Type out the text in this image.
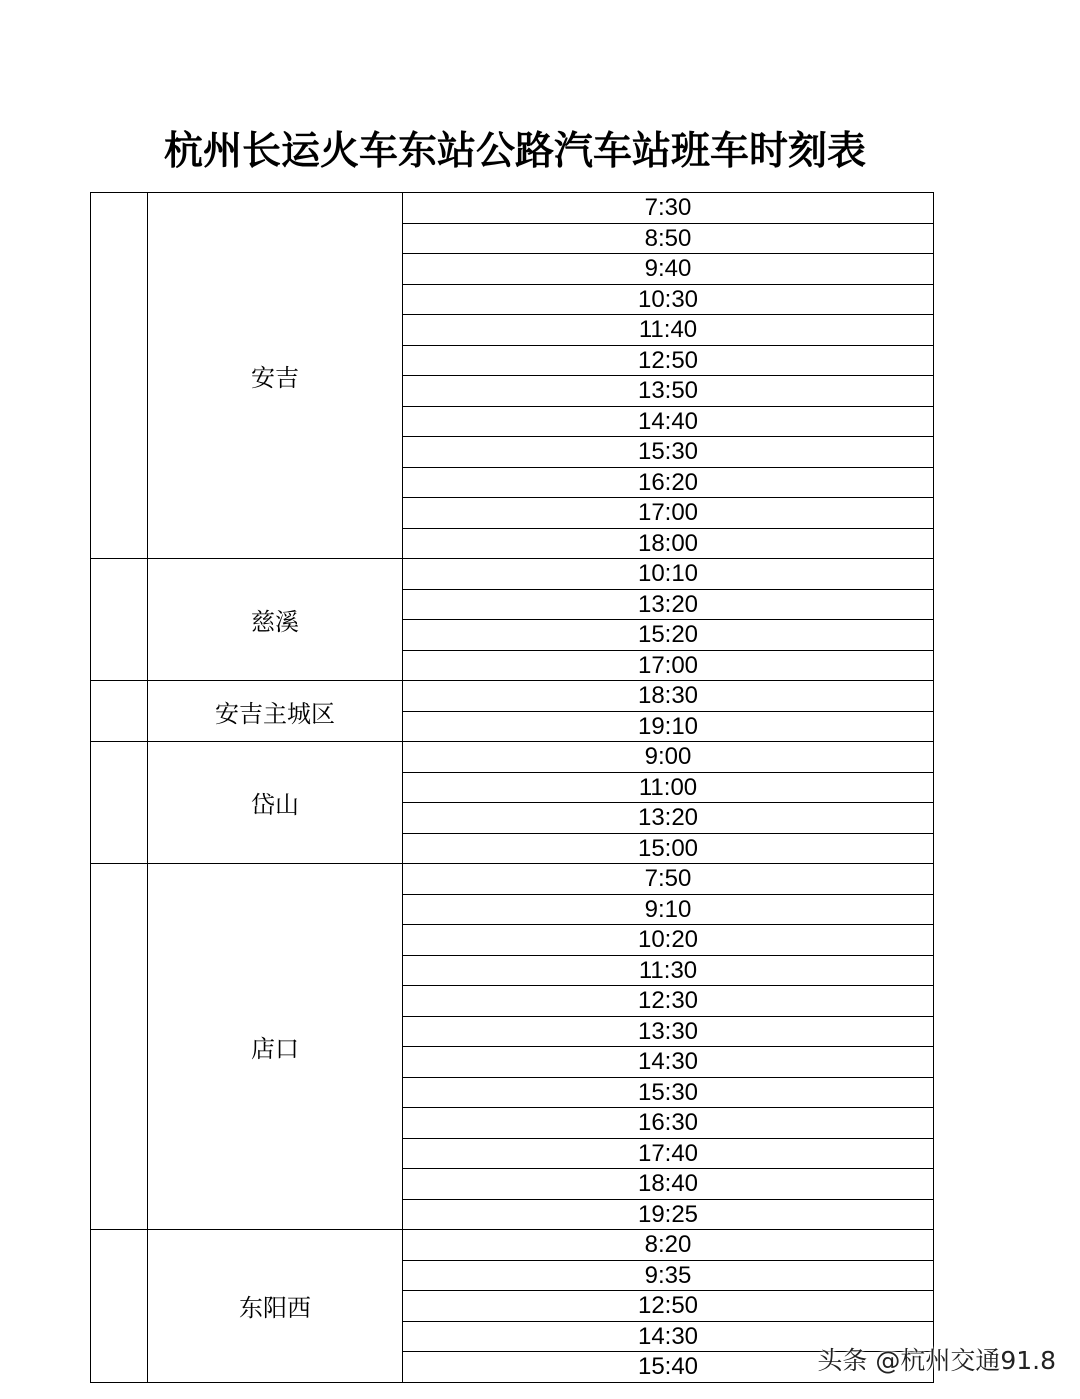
杭州长运火车东站公路汽车站班车时刻表
	安吉	7:30
		8:50
		9:40
		10:30
		11:40
		12:50
		13:50
		14:40
		15:30
		16:20
		17:00
		18:00
	慈溪	10:10
		13:20
		15:20
		17:00
	安吉主城区	18:30
		19:10
	岱山	9:00
		11:00
		13:20
		15:00
	店口	7:50
		9:10
		10:20
		11:30
		12:30
		13:30
		14:30
		15:30
		16:30
		17:40
		18:40
		19:25
	东阳西	8:20
		9:35
		12:50
		14:30
		15:40	头条 @杭州交通91.8
